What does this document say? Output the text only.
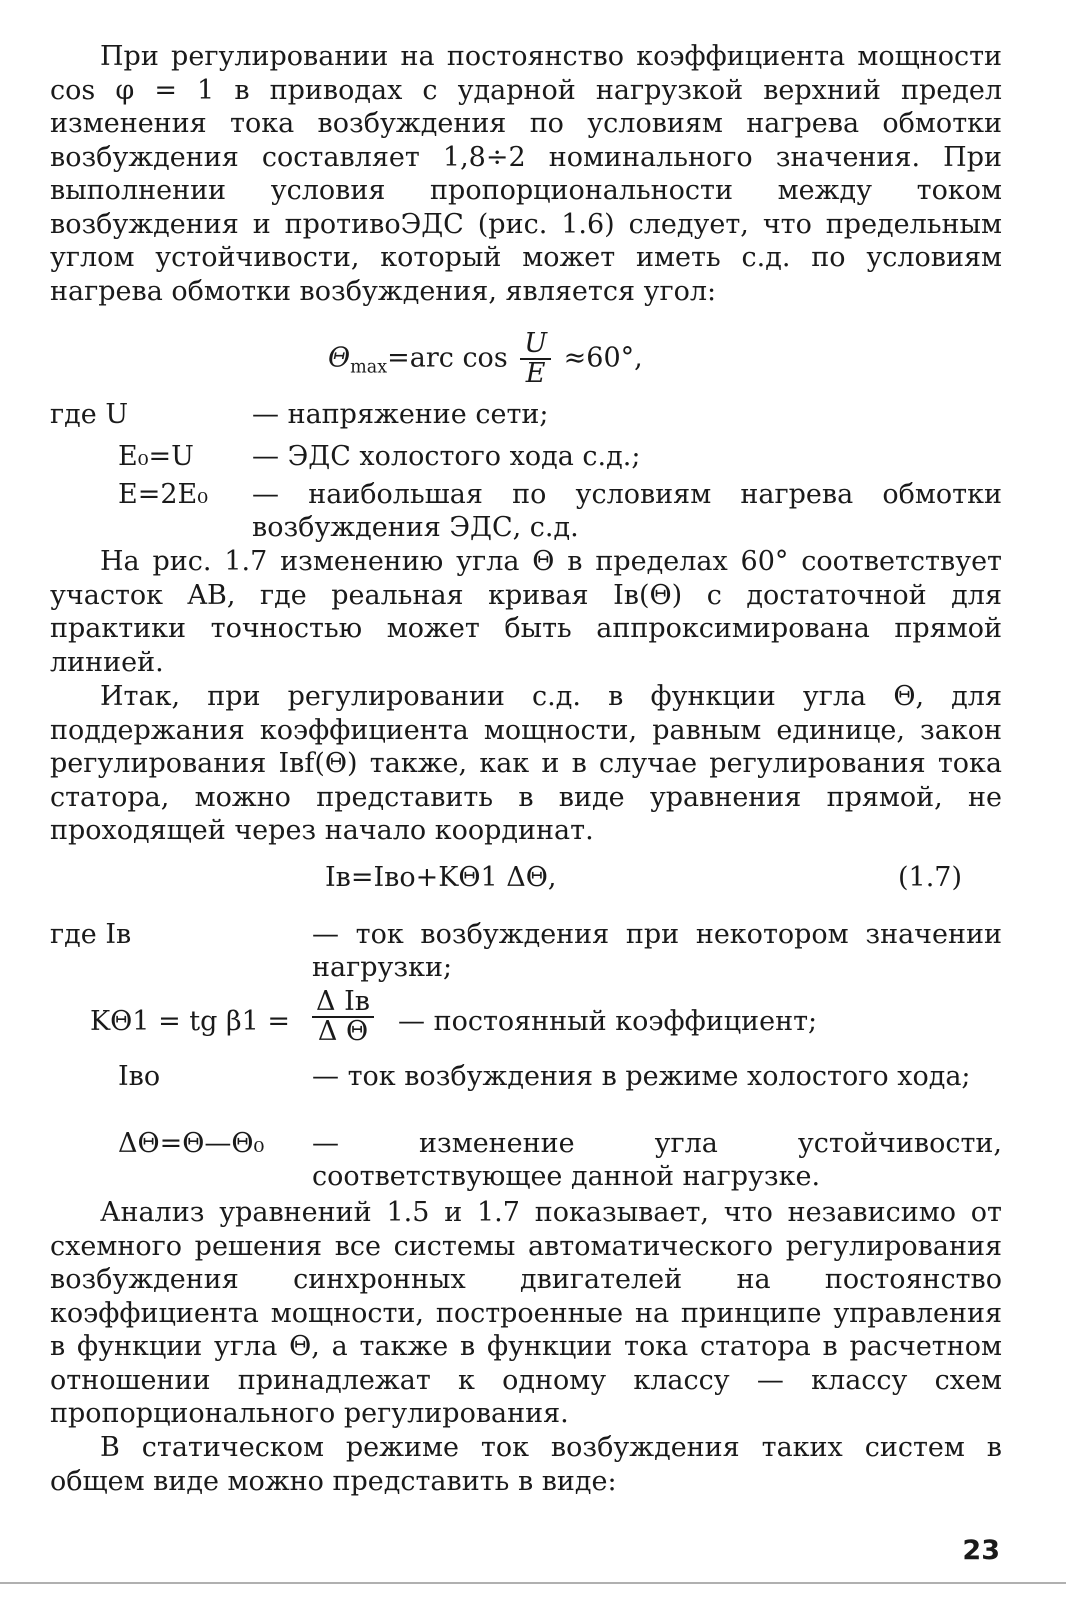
При регулировании на постоянство коэффициента мощности cos φ = 1 в приводах с ударной нагрузкой верхний предел изменения тока возбуждения по условиям нагрева обмотки возбуждения составляет 1,8÷2 номинального значения. При выполнении условия пропорциональности между током возбуждения и противоЭДС (рис. 1.6) следует, что предельным углом устойчивости, который может иметь с.д. по условиям нагрева обмотки возбуждения, является угол:

$\Theta_{max}=arc$ $\cos \frac{U}{E} \approx 60^\circ$,
где U	— напряжение сети;
E₀=U — ЭДС холостого хода с.д.;
E=2E₀ — наибольшая по условиям нагрева обмотки возбуждения ЭДС, с.д.

На рис. 1.7 изменению угла Θ в пределах 60° соответствует участок AB, где реальная кривая Iв(Θ) с достаточной для практики точностью может быть аппроксимирована прямой линией.

Итак, при регулировании с.д. в функции угла Θ, для поддержания коэффициента мощности, равным единице, закон регулирования Iвf(Θ) также, как и в случае регулирования тока статора, можно представить в виде уравнения прямой, не проходящей через начало координат.

Iв=Iво+KΘ1 ΔΘ,	(1.7)
где Iв	— ток возбуждения при некотором значении нагрузки;
KΘ1 = tg β1 =
Δ Iв
Δ Θ — постоянный коэффициент;
Iво	— ток возбуждения в режиме холостого хода;
ΔΘ=Θ—Θ₀ — изменение угла устойчивости, соответствующее данной нагрузке.

Анализ уравнений 1.5 и 1.7 показывает, что независимо от схемного решения все системы автоматического регулирования возбуждения синхронных двигателей на постоянство коэффициента мощности, построенные на принципе управления в функции угла Θ, а также в функции тока статора в расчетном отношении принадлежат к одному классу — классу схем пропорционального регулирования.

В статическом режиме ток возбуждения таких систем в общем виде можно представить в виде:

23
